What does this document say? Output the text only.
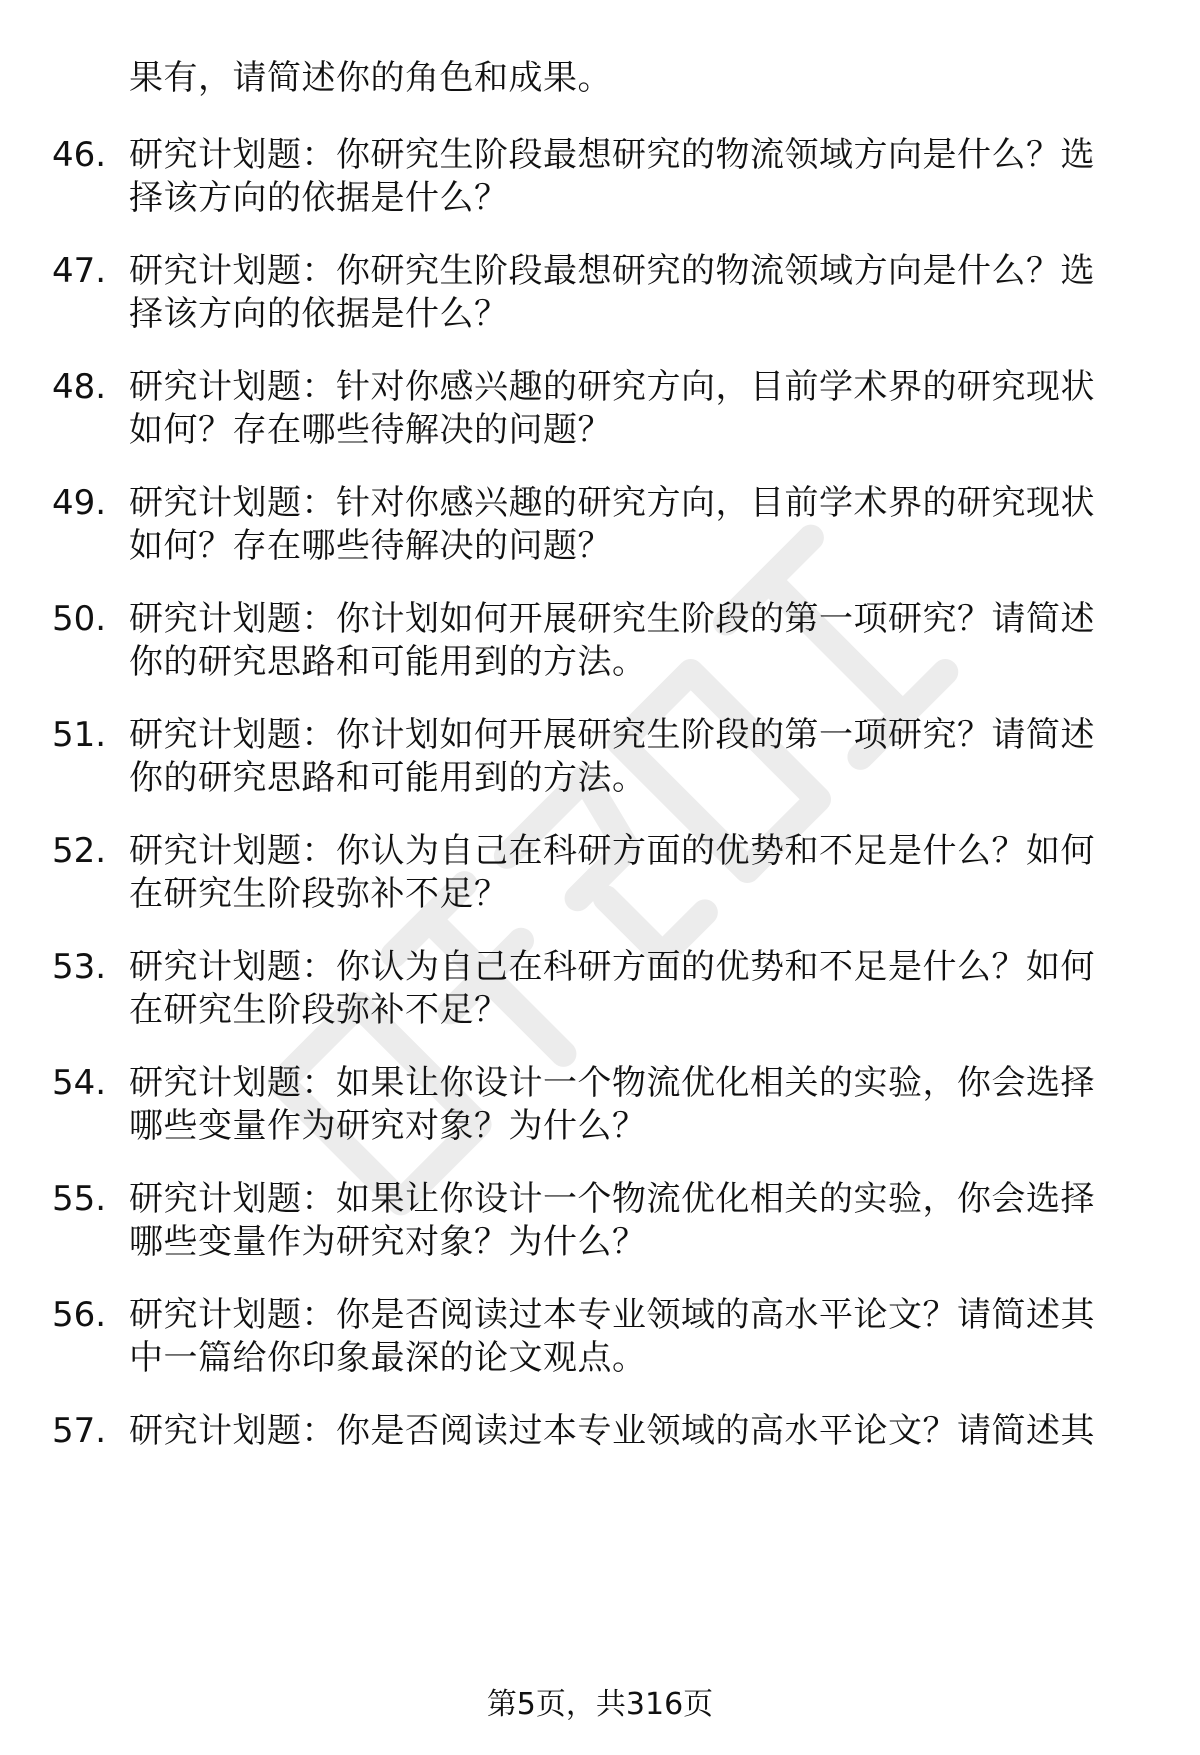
果有，请简述你的角色和成果。
46. 研究计划题：你研究生阶段最想研究的物流领域方向是什么？选
择该方向的依据是什么？
47. 研究计划题：你研究生阶段最想研究的物流领域方向是什么？选
择该方向的依据是什么？
48. 研究计划题：针对你感兴趣的研究方向，目前学术界的研究现状
如何？存在哪些待解决的问题？
49. 研究计划题：针对你感兴趣的研究方向，目前学术界的研究现状
如何？存在哪些待解决的问题？
50. 研究计划题：你计划如何开展研究生阶段的第一项研究？请简述
你的研究思路和可能用到的方法。
51. 研究计划题：你计划如何开展研究生阶段的第一项研究？请简述
你的研究思路和可能用到的方法。
52. 研究计划题：你认为自己在科研方面的优势和不足是什么？如何
在研究生阶段弥补不足？
53. 研究计划题：你认为自己在科研方面的优势和不足是什么？如何
在研究生阶段弥补不足？
54. 研究计划题：如果让你设计一个物流优化相关的实验，你会选择
哪些变量作为研究对象？为什么？
55. 研究计划题：如果让你设计一个物流优化相关的实验，你会选择
哪些变量作为研究对象？为什么？
56. 研究计划题：你是否阅读过本专业领域的高水平论文？请简述其
中一篇给你印象最深的论文观点。
57. 研究计划题：你是否阅读过本专业领域的高水平论文？请简述其
第5页，共316页
